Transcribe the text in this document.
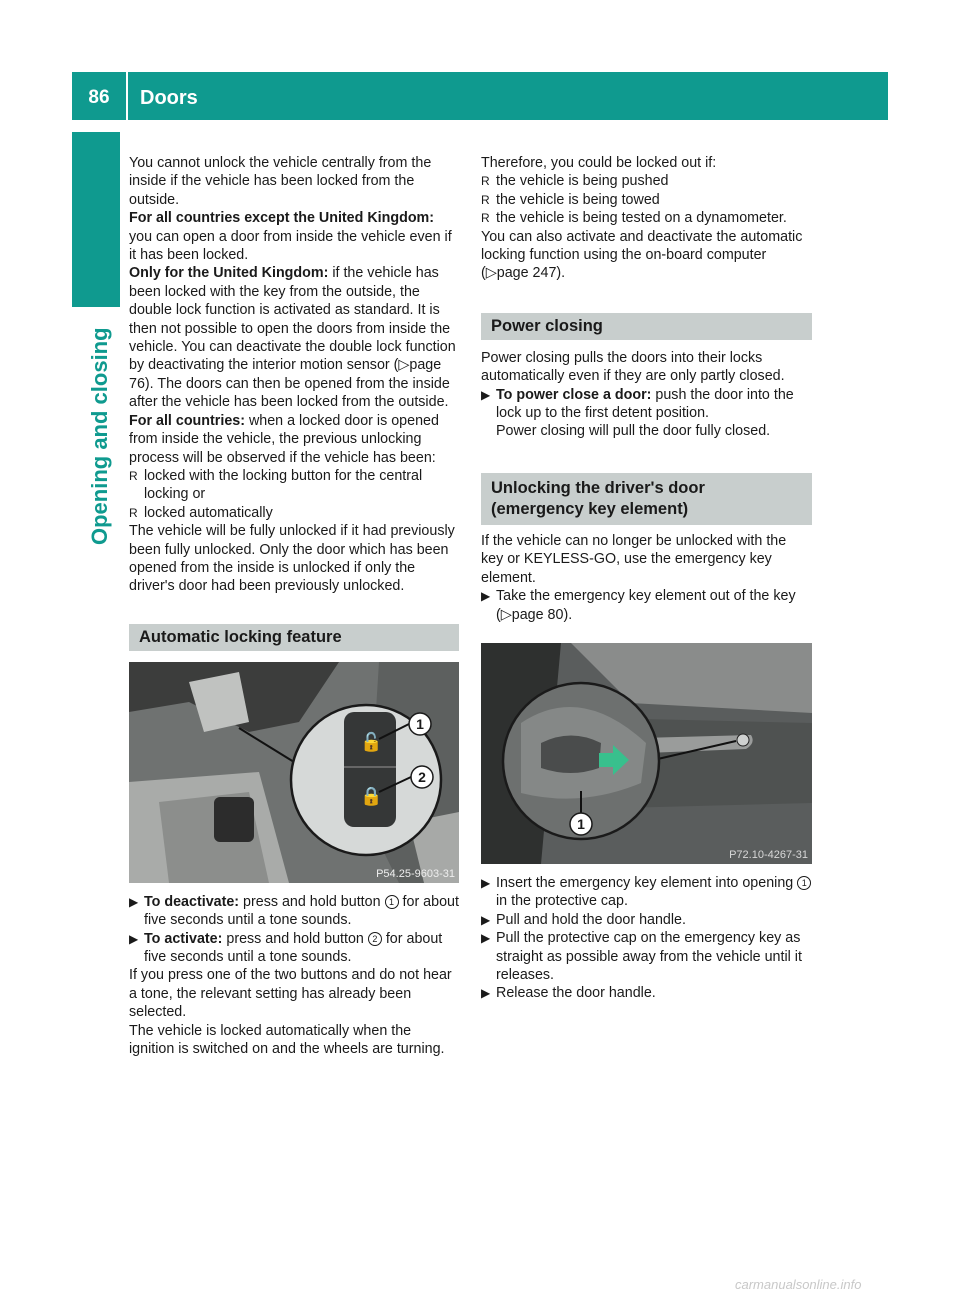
86	Doors
Opening and closing

You cannot unlock the vehicle centrally from the inside if the vehicle has been locked from the outside.

For all countries except the United Kingdom: you can open a door from inside the vehicle even if it has been locked.

Only for the United Kingdom: if the vehicle has been locked with the key from the outside, the double lock function is activated as standard. It is then not possible to open the doors from inside the vehicle. You can deactivate the double lock function by deactivating the interior motion sensor (▷page 76). The doors can then be opened from the inside after the vehicle has been locked from the outside.

For all countries: when a locked door is opened from inside the vehicle, the previous unlocking process will be observed if the vehicle has been:

R locked with the locking button for the central locking or
R locked automatically

The vehicle will be fully unlocked if it had previously been fully unlocked. Only the door which has been opened from the inside is unlocked if only the driver's door had been previously unlocked.

Automatic locking feature
🔓
🔒
1
2
P54.25-9603-31
▶ To deactivate: press and hold button 1 for about five seconds until a tone sounds.
▶ To activate: press and hold button 2 for about five seconds until a tone sounds.

If you press one of the two buttons and do not hear a tone, the relevant setting has already been selected.

The vehicle is locked automatically when the ignition is switched on and the wheels are turning.

Therefore, you could be locked out if:

R the vehicle is being pushed
R the vehicle is being towed
R the vehicle is being tested on a dynamometer.

You can also activate and deactivate the automatic locking function using the on-board computer (▷page 247).

Power closing

Power closing pulls the doors into their locks automatically even if they are only partly closed.

▶ To power close a door: push the door into the lock up to the first detent position.
Power closing will pull the door fully closed.
Unlocking the driver's door (emergency key element)

If the vehicle can no longer be unlocked with the key or KEYLESS-GO, use the emergency key element.

▶ Take the emergency key element out of the key (▷page 80).
1
P72.10-4267-31
▶ Insert the emergency key element into opening 1 in the protective cap.
▶ Pull and hold the door handle.
▶ Pull the protective cap on the emergency key as straight as possible away from the vehicle until it releases.
▶ Release the door handle.
carmanualsonline.info
